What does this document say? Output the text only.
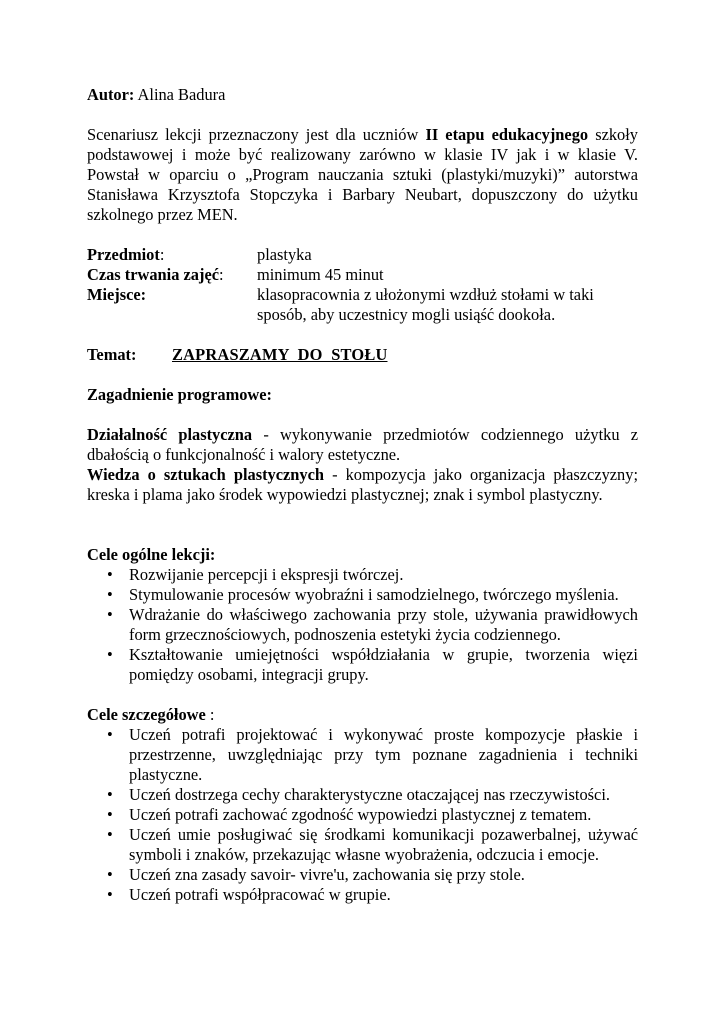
Autor: Alina Badura

Scenariusz lekcji przeznaczony jest dla uczniów II etapu edukacyjnego szkoły podstawowej i może być realizowany zarówno w klasie IV jak i w klasie V. Powstał w oparciu o „Program nauczania sztuki (plastyki/muzyki)” autorstwa Stanisława Krzysztofa Stopczyka i Barbary Neubart, dopuszczony do użytku szkolnego przez MEN.

Przedmiot:	plastyka
Czas trwania zajęć:	minimum 45 minut
Miejsce:	klasopracownia z ułożonymi wzdłuż stołami w taki sposób, aby uczestnicy mogli usiąść dookoła.
Temat:	ZAPRASZAMY  DO  STOŁU

Zagadnienie programowe:

Działalność plastyczna - wykonywanie przedmiotów codziennego użytku z dbałością o funkcjonalność i walory estetyczne.

Wiedza o sztukach plastycznych - kompozycja jako organizacja płaszczyzny; kreska i plama jako środek wypowiedzi plastycznej; znak i symbol plastyczny.

Cele ogólne lekcji:

• Rozwijanie percepcji i ekspresji twórczej.
• Stymulowanie procesów wyobraźni i samodzielnego, twórczego myślenia.
• Wdrażanie do właściwego zachowania przy stole, używania prawidłowych form grzecznościowych, podnoszenia estetyki życia codziennego.
• Kształtowanie umiejętności współdziałania w grupie, tworzenia więzi pomiędzy osobami, integracji grupy.

Cele szczegółowe :

• Uczeń potrafi projektować i wykonywać proste kompozycje płaskie i przestrzenne, uwzględniając przy tym poznane zagadnienia i techniki plastyczne.
• Uczeń dostrzega cechy charakterystyczne otaczającej nas rzeczywistości.
• Uczeń potrafi zachować zgodność wypowiedzi plastycznej z tematem.
• Uczeń umie posługiwać się środkami komunikacji pozawerbalnej, używać symboli i znaków, przekazując własne wyobrażenia, odczucia i emocje.
• Uczeń zna zasady savoir- vivre'u, zachowania się przy stole.
• Uczeń potrafi współpracować w grupie.
